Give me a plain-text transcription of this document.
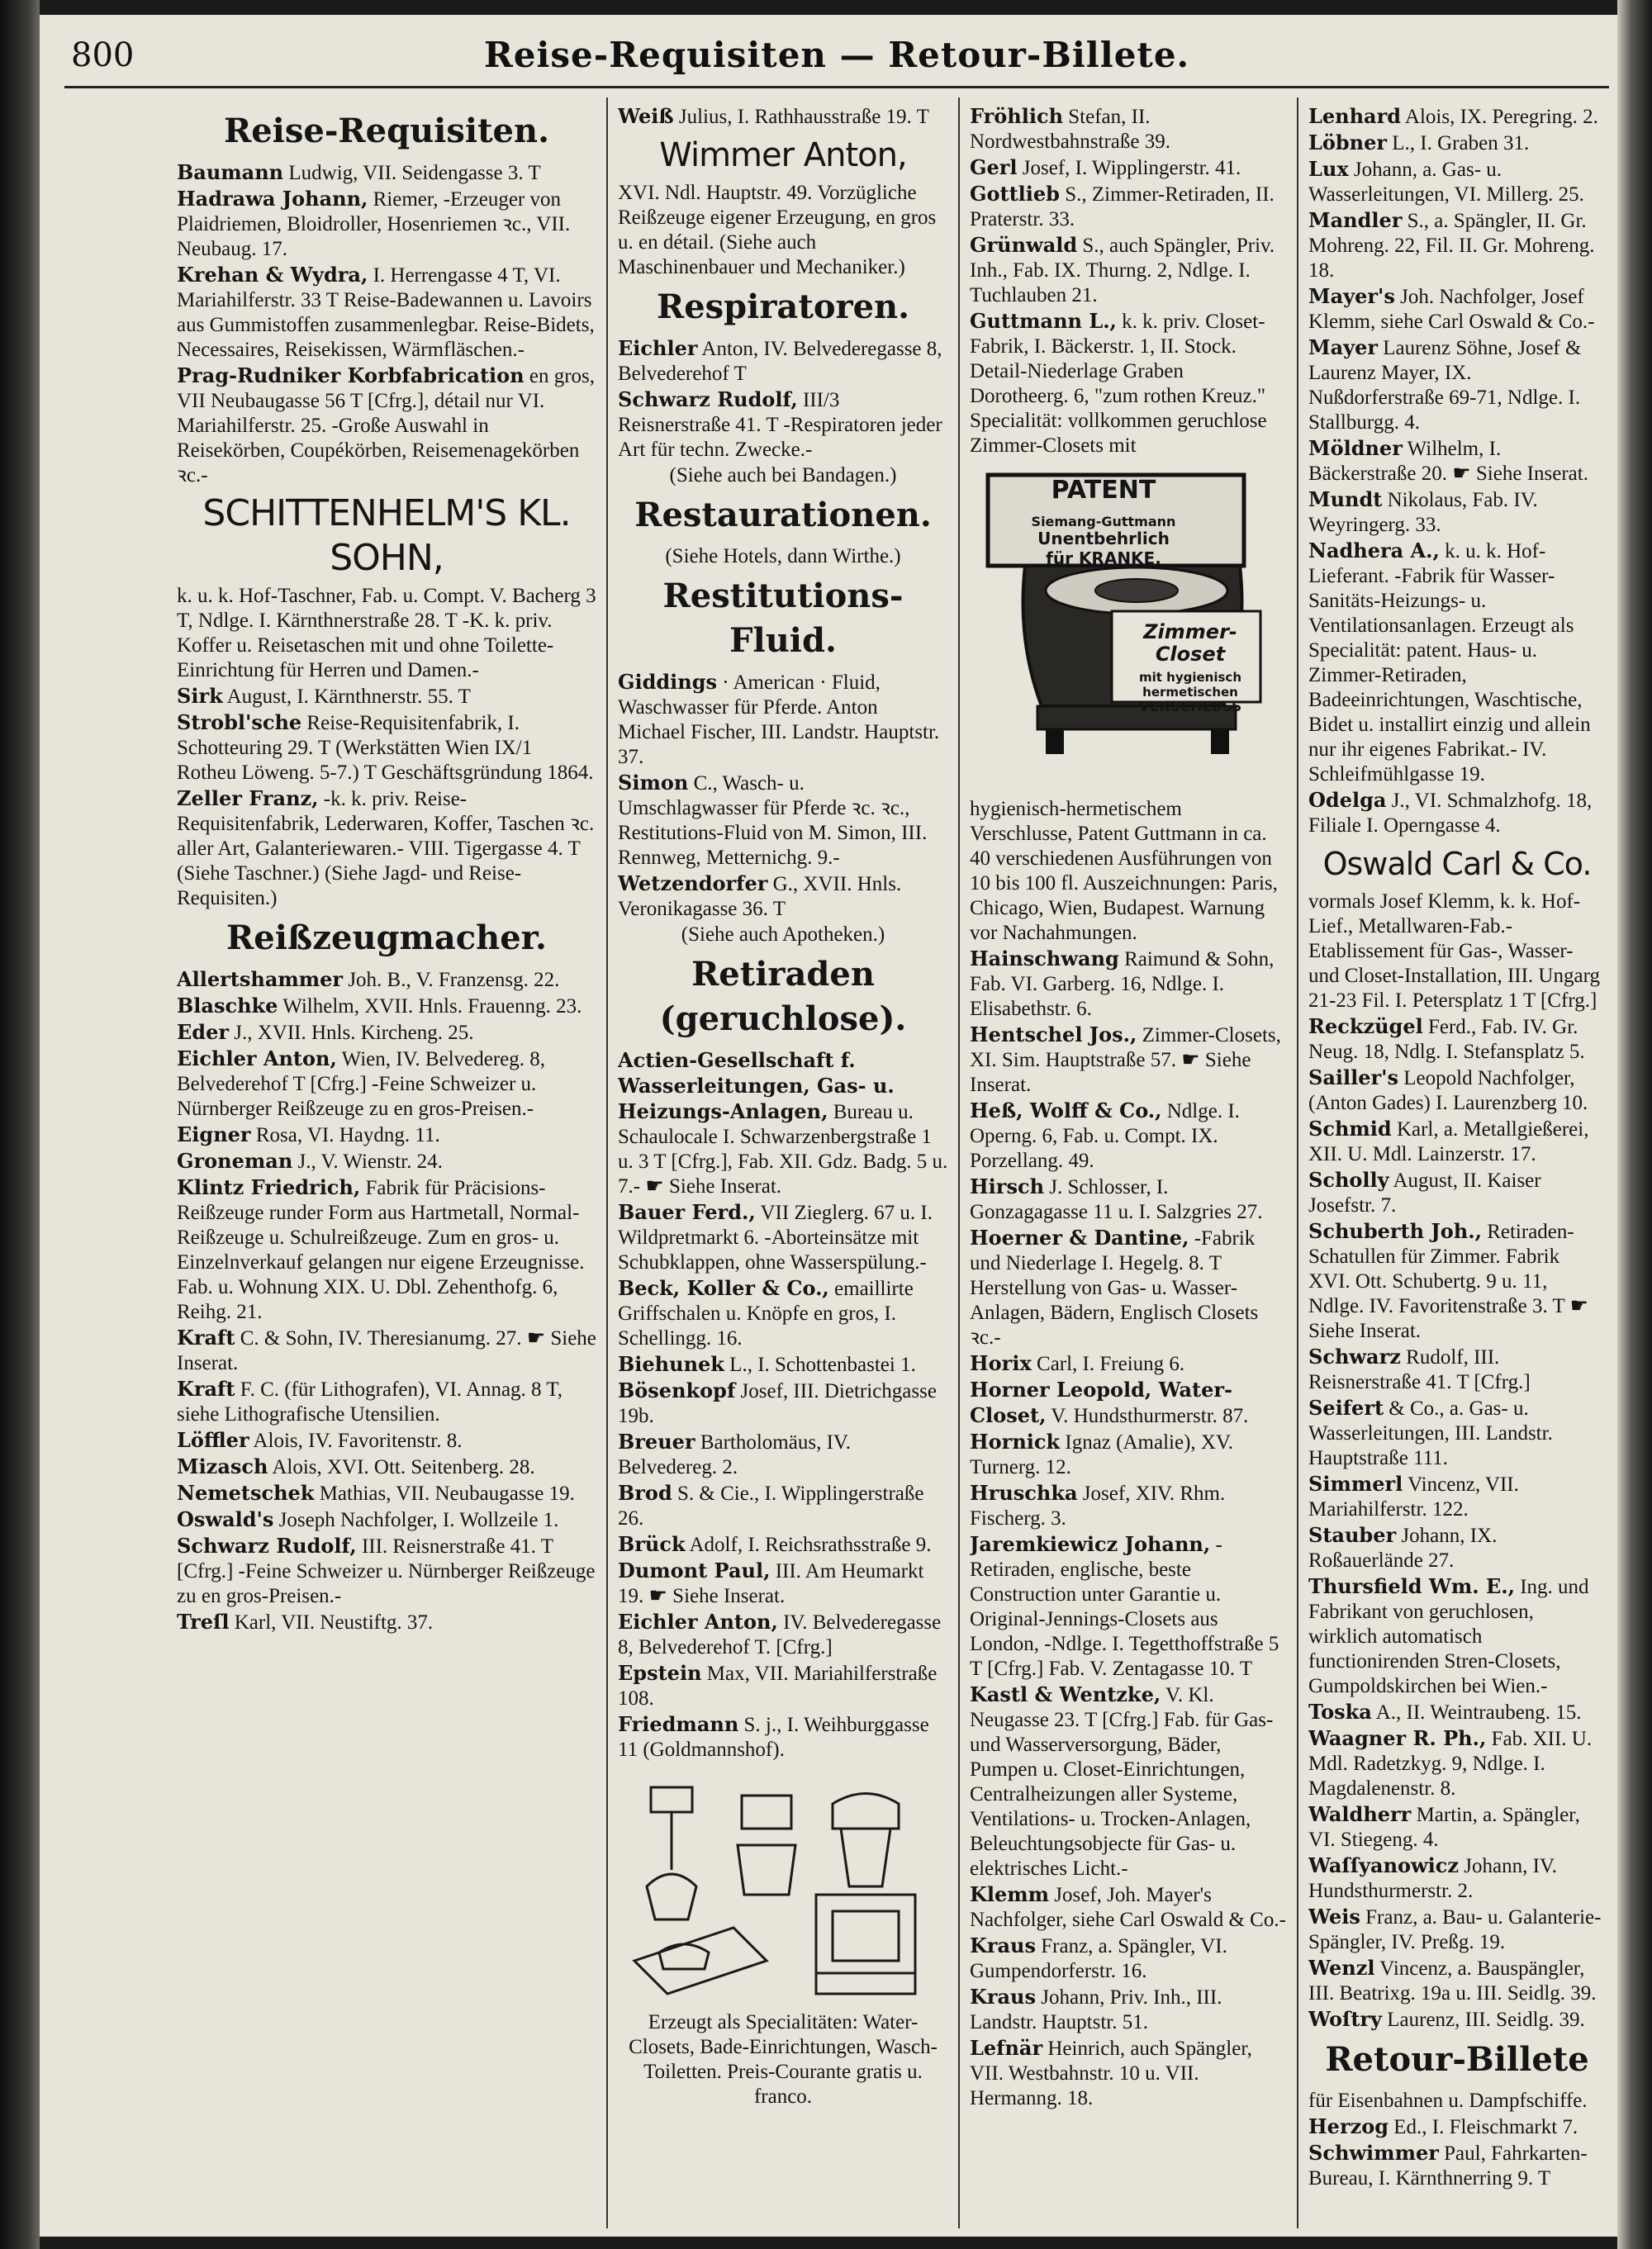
800	Reise-Requisiten — Retour-Billete.
Reise-Requisiten.
Baumann Ludwig, VII. Seidengasse 3. T
Hadrawa Johann, Riemer, -Erzeuger von Plaidriemen, Bloidroller, Hosenriemen ꝛc., VII. Neubaug. 17.
Krehan & Wydra, I. Herrengasse 4 T, VI. Mariahilferstr. 33 T Reise-Badewannen u. Lavoirs aus Gummistoffen zusammenlegbar. Reise-Bidets, Necessaires, Reisekissen, Wärmfläschen.-
Prag-Rudniker Korbfabrication en gros, VII Neubaugasse 56 T [Cfrg.], détail nur VI. Mariahilferstr. 25. -Große Auswahl in Reisekörben, Coupékörben, Reisemenagekörben ꝛc.-
SCHITTENHELM'S KL. SOHN,
k. u. k. Hof-Taschner, Fab. u. Compt. V. Bacherg 3 T, Ndlge. I. Kärnthnerstraße 28. T -K. k. priv. Koffer u. Reisetaschen mit und ohne Toilette-Einrichtung für Herren und Damen.-
Sirk August, I. Kärnthnerstr. 55. T
Strobl'sche Reise-Requisitenfabrik, I. Schotteuring 29. T (Werkstätten Wien IX/1 Rotheu Löweng. 5-7.) T Geschäftsgründung 1864.
Zeller Franz, -k. k. priv. Reise-Requisitenfabrik, Lederwaren, Koffer, Taschen ꝛc. aller Art, Galanteriewaren.- VIII. Tigergasse 4. T (Siehe Taschner.) (Siehe Jagd- und Reise-Requisiten.)
Reißzeugmacher.
Allertshammer Joh. B., V. Franzensg. 22.
Blaschke Wilhelm, XVII. Hnls. Frauenng. 23.
Eder J., XVII. Hnls. Kircheng. 25.
Eichler Anton, Wien, IV. Belvedereg. 8, Belvederehof T [Cfrg.] -Feine Schweizer u. Nürnberger Reißzeuge zu en gros-Preisen.-
Eigner Rosa, VI. Haydng. 11.
Groneman J., V. Wienstr. 24.
Klintz Friedrich, Fabrik für Präcisions-Reißzeuge runder Form aus Hartmetall, Normal-Reißzeuge u. Schulreißzeuge. Zum en gros- u. Einzelnverkauf gelangen nur eigene Erzeugnisse. Fab. u. Wohnung XIX. U. Dbl. Zehenthofg. 6, Reihg. 21.
Kraft C. & Sohn, IV. Theresianumg. 27. ☛ Siehe Inserat.
Kraft F. C. (für Lithografen), VI. Annag. 8 T, siehe Lithografische Utensilien.
Löffler Alois, IV. Favoritenstr. 8.
Mizasch Alois, XVI. Ott. Seitenberg. 28.
Nemetschek Mathias, VII. Neubaugasse 19.
Oswald's Joseph Nachfolger, I. Wollzeile 1.
Schwarz Rudolf, III. Reisnerstraße 41. T [Cfrg.] -Feine Schweizer u. Nürnberger Reißzeuge zu en gros-Preisen.-
Treſl Karl, VII. Neustiftg. 37.
Weiß Julius, I. Rathhausstraße 19. T
Wimmer Anton,
XVI. Ndl. Hauptstr. 49. Vorzügliche Reißzeuge eigener Erzeugung, en gros u. en détail. (Siehe auch Maschinenbauer und Mechaniker.)
Respiratoren.
Eichler Anton, IV. Belvederegasse 8, Belvederehof T
Schwarz Rudolf, III/3 Reisnerstraße 41. T -Respiratoren jeder Art für techn. Zwecke.-
(Siehe auch bei Bandagen.)
Restaurationen.
(Siehe Hotels, dann Wirthe.)
Restitutions-Fluid.
Giddings · American · Fluid, Waschwasser für Pferde. Anton Michael Fischer, III. Landstr. Hauptstr. 37.
Simon C., Wasch- u. Umschlagwasser für Pferde ꝛc. ꝛc., Restitutions-Fluid von M. Simon, III. Rennweg, Metternichg. 9.-
Wetzendorfer G., XVII. Hnls. Veronikagasse 36. T
(Siehe auch Apotheken.)
Retiraden (geruchlose).
Actien-Gesellschaft f. Wasserleitungen, Gas- u. Heizungs-Anlagen, Bureau u. Schaulocale I. Schwarzenbergstraße 1 u. 3 T [Cfrg.], Fab. XII. Gdz. Badg. 5 u. 7.- ☛ Siehe Inserat.
Bauer Ferd., VII Zieglerg. 67 u. I. Wildpretmarkt 6. -Aborteinsätze mit Schubklappen, ohne Wasserspülung.-
Beck, Koller & Co., emaillirte Griffschalen u. Knöpfe en gros, I. Schellingg. 16.
Biehunek L., I. Schottenbastei 1.
Bösenkopf Josef, III. Dietrichgasse 19b.
Breuer Bartholomäus, IV. Belvedereg. 2.
Brod S. & Cie., I. Wipplingerstraße 26.
Brück Adolf, I. Reichsrathsstraße 9.
Dumont Paul, III. Am Heumarkt 19. ☛ Siehe Inserat.
Eichler Anton, IV. Belvederegasse 8, Belvederehof T. [Cfrg.]
Epstein Max, VII. Mariahilferstraße 108.
Friedmann S. j., I. Weihburggasse 11 (Goldmannshof).
Erzeugt als Specialitäten: Water-Closets, Bade-Einrichtungen, Wasch-Toiletten. Preis-Courante gratis u. franco.
Fröhlich Stefan, II. Nordwestbahnstraße 39.
Gerl Josef, I. Wipplingerstr. 41.
Gottlieb S., Zimmer-Retiraden, II. Praterstr. 33.
Grünwald S., auch Spängler, Priv. Inh., Fab. IX. Thurng. 2, Ndlge. I. Tuchlauben 21.
Guttmann L., k. k. priv. Closet-Fabrik, I. Bäckerstr. 1, II. Stock. Detail-Niederlage Graben Dorotheerg. 6, "zum rothen Kreuz." Specialität: vollkommen geruchlose Zimmer-Closets mit
PATENT
Siemang-Guttmann
Unentbehrlich
für KRANKE.
Zimmer-
Closet
mit hygienisch
hermetischen
VERSCHLUSS
hygienisch-hermetischem Verschlusse, Patent Guttmann in ca. 40 verschiedenen Ausführungen von 10 bis 100 fl. Auszeichnungen: Paris, Chicago, Wien, Budapest. Warnung vor Nachahmungen.
Hainschwang Raimund & Sohn, Fab. VI. Garberg. 16, Ndlge. I. Elisabethstr. 6.
Hentschel Jos., Zimmer-Closets, XI. Sim. Hauptstraße 57. ☛ Siehe Inserat.
Heß, Wolff & Co., Ndlge. I. Operng. 6, Fab. u. Compt. IX. Porzellang. 49.
Hirsch J. Schlosser, I. Gonzagagasse 11 u. I. Salzgries 27.
Hoerner & Dantine, -Fabrik und Niederlage I. Hegelg. 8. T Herstellung von Gas- u. Wasser-Anlagen, Bädern, Englisch Closets ꝛc.-
Horix Carl, I. Freiung 6.
Horner Leopold, Water-Closet, V. Hundsthurmerstr. 87.
Hornick Ignaz (Amalie), XV. Turnerg. 12.
Hruschka Josef, XIV. Rhm. Fischerg. 3.
Jaremkiewicz Johann, -Retiraden, englische, beste Construction unter Garantie u. Original-Jennings-Closets aus London, -Ndlge. I. Tegetthoffstraße 5 T [Cfrg.] Fab. V. Zentagasse 10. T
Kastl & Wentzke, V. Kl. Neugasse 23. T [Cfrg.] Fab. für Gas- und Wasserversorgung, Bäder, Pumpen u. Closet-Einrichtungen, Centralheizungen aller Systeme, Ventilations- u. Trocken-Anlagen, Beleuchtungsobjecte für Gas- u. elektrisches Licht.-
Klemm Josef, Joh. Mayer's Nachfolger, siehe Carl Oswald & Co.-
Kraus Franz, a. Spängler, VI. Gumpendorferstr. 16.
Kraus Johann, Priv. Inh., III. Landstr. Hauptstr. 51.
Lefnär Heinrich, auch Spängler, VII. Westbahnstr. 10 u. VII. Hermanng. 18.
Lenhard Alois, IX. Peregring. 2.
Löbner L., I. Graben 31.
Lux Johann, a. Gas- u. Wasserleitungen, VI. Millerg. 25.
Mandler S., a. Spängler, II. Gr. Mohreng. 22, Fil. II. Gr. Mohreng. 18.
Mayer's Joh. Nachfolger, Josef Klemm, siehe Carl Oswald & Co.-
Mayer Laurenz Söhne, Josef & Laurenz Mayer, IX. Nußdorferstraße 69-71, Ndlge. I. Stallburgg. 4.
Möldner Wilhelm, I. Bäckerstraße 20. ☛ Siehe Inserat.
Mundt Nikolaus, Fab. IV. Weyringerg. 33.
Nadhera A., k. u. k. Hof-Lieferant. -Fabrik für Wasser-Sanitäts-Heizungs- u. Ventilationsanlagen. Erzeugt als Specialität: patent. Haus- u. Zimmer-Retiraden, Badeeinrichtungen, Waschtische, Bidet u. installirt einzig und allein nur ihr eigenes Fabrikat.- IV. Schleifmühlgasse 19.
Odelga J., VI. Schmalzhofg. 18, Filiale I. Operngasse 4.
Oswald Carl & Co.
vormals Josef Klemm, k. k. Hof-Lief., Metallwaren-Fab.-Etablissement für Gas-, Wasser- und Closet-Installation, III. Ungarg 21-23 Fil. I. Petersplatz 1 T [Cfrg.]
Reckzügel Ferd., Fab. IV. Gr. Neug. 18, Ndlg. I. Stefansplatz 5.
Sailler's Leopold Nachfolger, (Anton Gades) I. Laurenzberg 10.
Schmid Karl, a. Metallgießerei, XII. U. Mdl. Lainzerstr. 17.
Scholly August, II. Kaiser Josefstr. 7.
Schuberth Joh., Retiraden-Schatullen für Zimmer. Fabrik XVI. Ott. Schubertg. 9 u. 11, Ndlge. IV. Favoritenstraße 3. T ☛ Siehe Inserat.
Schwarz Rudolf, III. Reisnerstraße 41. T [Cfrg.]
Seifert & Co., a. Gas- u. Wasserleitungen, III. Landstr. Hauptstraße 111.
Simmerl Vincenz, VII. Mariahilferstr. 122.
Stauber Johann, IX. Roßauerlände 27.
Thursfield Wm. E., Ing. und Fabrikant von geruchlosen, wirklich automatisch functionirenden Stren-Closets, Gumpoldskirchen bei Wien.-
Toska A., II. Weintraubeng. 15.
Waagner R. Ph., Fab. XII. U. Mdl. Radetzkyg. 9, Ndlge. I. Magdalenenstr. 8.
Waldherr Martin, a. Spängler, VI. Stiegeng. 4.
Waſſyanowicz Johann, IV. Hundsthurmerstr. 2.
Weis Franz, a. Bau- u. Galanterie-Spängler, IV. Preßg. 19.
Wenzl Vincenz, a. Bauspängler, III. Beatrixg. 19a u. III. Seidlg. 39.
Woſtry Laurenz, III. Seidlg. 39.
Retour-Billete
für Eisenbahnen u. Dampfschiffe.
Herzog Ed., I. Fleischmarkt 7.
Schwimmer Paul, Fahrkarten-Bureau, I. Kärnthnerring 9. T
